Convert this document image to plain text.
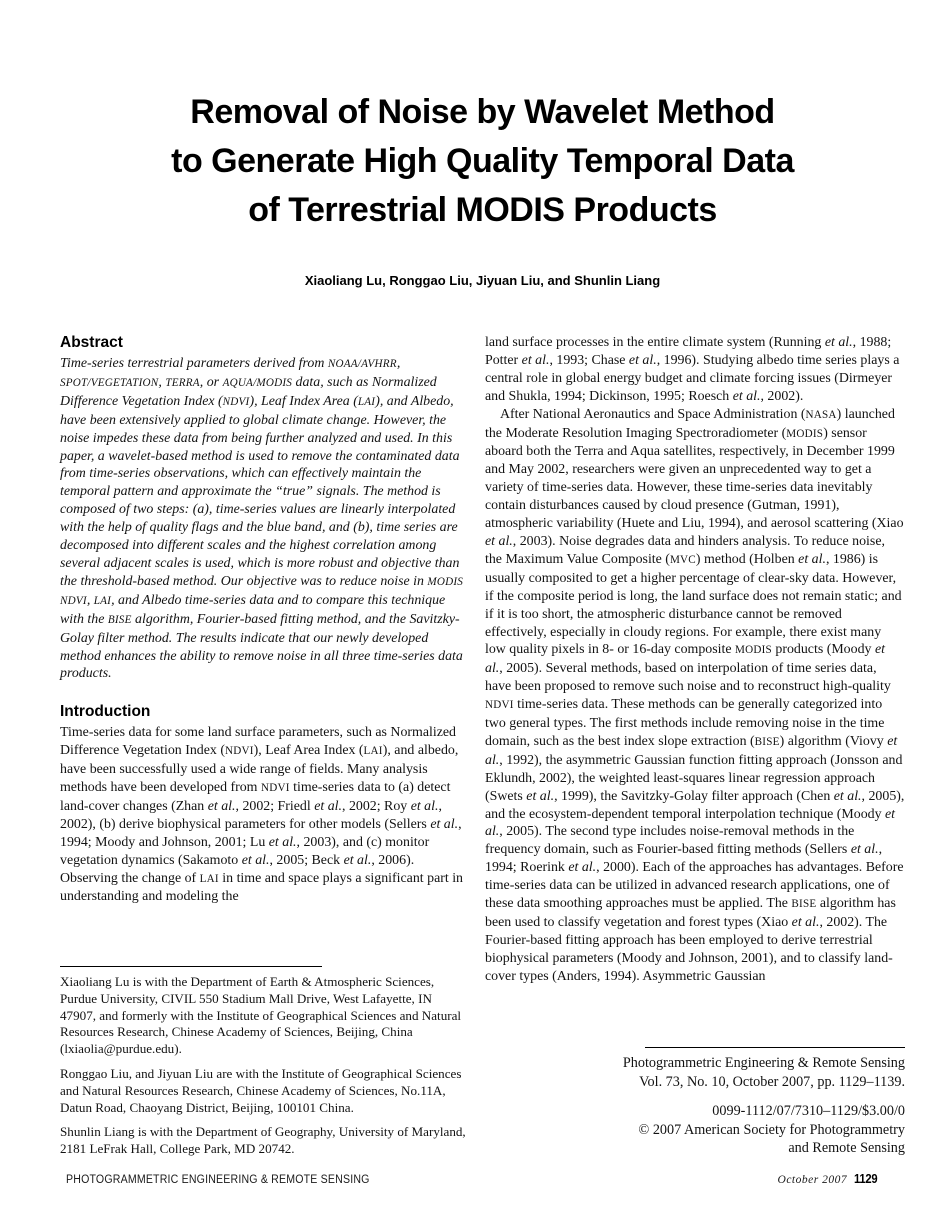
Removal of Noise by Wavelet Method
to Generate High Quality Temporal Data
of Terrestrial MODIS Products
Xiaoliang Lu, Ronggao Liu, Jiyuan Liu, and Shunlin Liang
Abstract

Time-series terrestrial parameters derived from NOAA/AVHRR, SPOT/VEGETATION, TERRA, or AQUA/MODIS data, such as Normalized Difference Vegetation Index (NDVI), Leaf Index Area (LAI), and Albedo, have been extensively applied to global climate change. However, the noise impedes these data from being further analyzed and used. In this paper, a wavelet-based method is used to remove the contaminated data from time-series observations, which can effectively maintain the temporal pattern and approximate the “true” signals. The method is composed of two steps: (a), time-series values are linearly interpolated with the help of quality flags and the blue band, and (b), time series are decomposed into different scales and the highest correlation among several adjacent scales is used, which is more robust and objective than the threshold-based method. Our objective was to reduce noise in MODIS NDVI, LAI, and Albedo time-series data and to compare this technique with the BISE algorithm, Fourier-based fitting method, and the Savitzky-Golay filter method. The results indicate that our newly developed method enhances the ability to remove noise in all three time-series data products.

Introduction

Time-series data for some land surface parameters, such as Normalized Difference Vegetation Index (NDVI), Leaf Area Index (LAI), and albedo, have been successfully used a wide range of fields. Many analysis methods have been developed from NDVI time-series data to (a) detect land-cover changes (Zhan et al., 2002; Friedl et al., 2002; Roy et al., 2002), (b) derive biophysical parameters for other models (Sellers et al., 1994; Moody and Johnson, 2001; Lu et al., 2003), and (c) monitor vegetation dynamics (Sakamoto et al., 2005; Beck et al., 2006). Observing the change of LAI in time and space plays a significant part in understanding and modeling the

Xiaoliang Lu is with the Department of Earth & Atmospheric Sciences, Purdue University, CIVIL 550 Stadium Mall Drive, West Lafayette, IN 47907, and formerly with the Institute of Geographical Sciences and Natural Resources Research, Chinese Academy of Sciences, Beijing, China (lxiaolia@purdue.edu).

Ronggao Liu, and Jiyuan Liu are with the Institute of Geographical Sciences and Natural Resources Research, Chinese Academy of Sciences, No.11A, Datun Road, Chaoyang District, Beijing, 100101 China.

Shunlin Liang is with the Department of Geography, University of Maryland, 2181 LeFrak Hall, College Park, MD 20742.

land surface processes in the entire climate system (Running et al., 1988; Potter et al., 1993; Chase et al., 1996). Studying albedo time series plays a central role in global energy budget and climate forcing issues (Dirmeyer and Shukla, 1994; Dickinson, 1995; Roesch et al., 2002).

After National Aeronautics and Space Administration (NASA) launched the Moderate Resolution Imaging Spectroradiometer (MODIS) sensor aboard both the Terra and Aqua satellites, respectively, in December 1999 and May 2002, researchers were given an unprecedented way to get a variety of time-series data. However, these time-series data inevitably contain disturbances caused by cloud presence (Gutman, 1991), atmospheric variability (Huete and Liu, 1994), and aerosol scattering (Xiao et al., 2003). Noise degrades data and hinders analysis. To reduce noise, the Maximum Value Composite (MVC) method (Holben et al., 1986) is usually composited to get a higher percentage of clear-sky data. However, if the composite period is long, the land surface does not remain static; and if it is too short, the atmospheric disturbance cannot be removed effectively, especially in cloudy regions. For example, there exist many low quality pixels in 8- or 16-day composite MODIS products (Moody et al., 2005). Several methods, based on interpolation of time series data, have been proposed to remove such noise and to reconstruct high-quality NDVI time-series data. These methods can be generally categorized into two general types. The first methods include removing noise in the time domain, such as the best index slope extraction (BISE) algorithm (Viovy et al., 1992), the asymmetric Gaussian function fitting approach (Jonsson and Eklundh, 2002), the weighted least-squares linear regression approach (Swets et al., 1999), the Savitzky-Golay filter approach (Chen et al., 2005), and the ecosystem-dependent temporal interpolation technique (Moody et al., 2005). The second type includes noise-removal methods in the frequency domain, such as Fourier-based fitting methods (Sellers et al., 1994; Roerink et al., 2000). Each of the approaches has advantages. Before time-series data can be utilized in advanced research applications, one of these data smoothing approaches must be applied. The BISE algorithm has been used to classify vegetation and forest types (Xiao et al., 2002). The Fourier-based fitting approach has been employed to derive terrestrial biophysical parameters (Moody and Johnson, 2001), and to classify land-cover types (Anders, 1994). Asymmetric Gaussian

Photogrammetric Engineering & Remote Sensing

Vol. 73, No. 10, October 2007, pp. 1129–1139.

0099-1112/07/7310–1129/$3.00/0

© 2007 American Society for Photogrammetry

and Remote Sensing

PHOTOGRAMMETRIC ENGINEERING & REMOTE SENSING	October 2007 1129
